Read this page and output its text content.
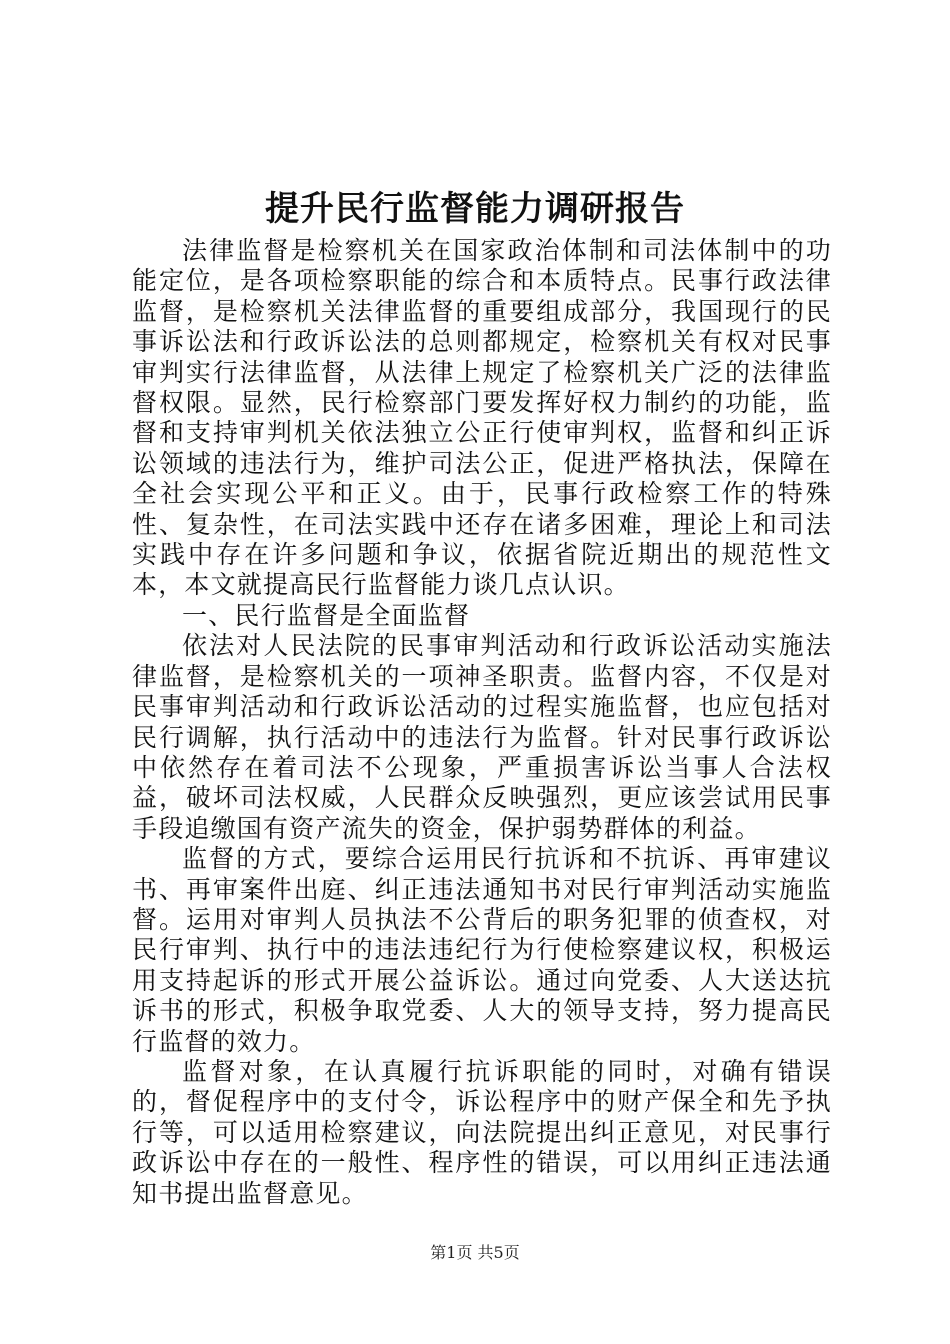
提升民行监督能力调研报告

法律监督是检察机关在国家政治体制和司法体制中的功能定位，是各项检察职能的综合和本质特点。民事行政法律监督，是检察机关法律监督的重要组成部分，我国现行的民事诉讼法和行政诉讼法的总则都规定，检察机关有权对民事审判实行法律监督，从法律上规定了检察机关广泛的法律监督权限。显然，民行检察部门要发挥好权力制约的功能，监督和支持审判机关依法独立公正行使审判权，监督和纠正诉讼领域的违法行为，维护司法公正，促进严格执法，保障在全社会实现公平和正义。由于，民事行政检察工作的特殊性、复杂性，在司法实践中还存在诸多困难，理论上和司法实践中存在许多问题和争议，依据省院近期出的规范性文本，本文就提高民行监督能力谈几点认识。

一、民行监督是全面监督

依法对人民法院的民事审判活动和行政诉讼活动实施法律监督，是检察机关的一项神圣职责。监督内容，不仅是对民事审判活动和行政诉讼活动的过程实施监督，也应包括对民行调解，执行活动中的违法行为监督。针对民事行政诉讼中依然存在着司法不公现象，严重损害诉讼当事人合法权益，破坏司法权威，人民群众反映强烈，更应该尝试用民事手段追缴国有资产流失的资金，保护弱势群体的利益。

监督的方式，要综合运用民行抗诉和不抗诉、再审建议书、再审案件出庭、纠正违法通知书对民行审判活动实施监督。运用对审判人员执法不公背后的职务犯罪的侦查权，对民行审判、执行中的违法违纪行为行使检察建议权，积极运用支持起诉的形式开展公益诉讼。通过向党委、人大送达抗诉书的形式，积极争取党委、人大的领导支持，努力提高民行监督的效力。

监督对象，在认真履行抗诉职能的同时，对确有错误的，督促程序中的支付令，诉讼程序中的财产保全和先予执行等，可以适用检察建议，向法院提出纠正意见，对民事行政诉讼中存在的一般性、程序性的错误，可以用纠正违法通知书提出监督意见。

第1页 共5页
